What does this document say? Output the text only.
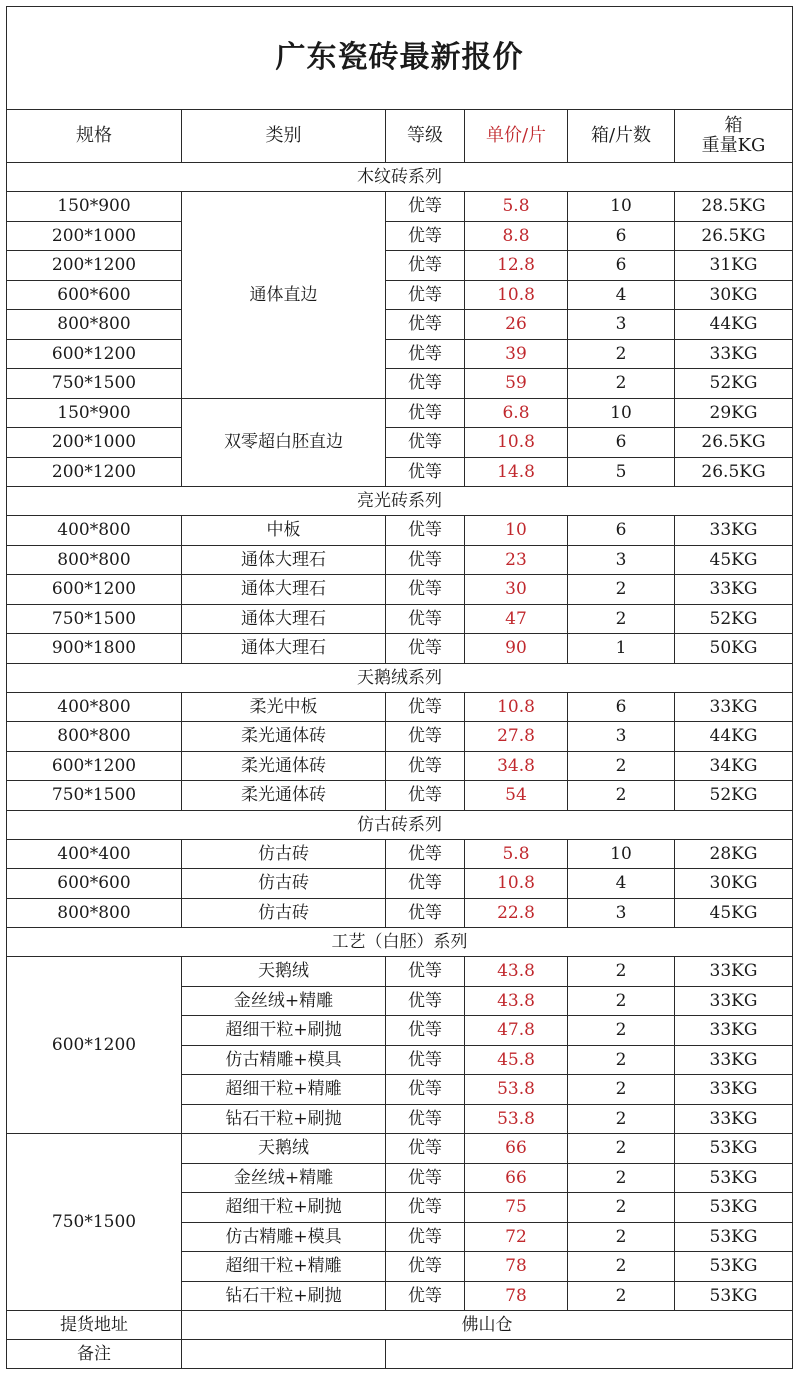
广东瓷砖最新报价					
规格	类别	等级	单价/片	箱/片数	箱
重量KG
木纹砖系列					
150*900	通体直边	优等	5.8	10	28.5KG
200*1000		优等	8.8	6	26.5KG
200*1200		优等	12.8	6	31KG
600*600		优等	10.8	4	30KG
800*800		优等	26	3	44KG
600*1200		优等	39	2	33KG
750*1500		优等	59	2	52KG
150*900	双零超白胚直边	优等	6.8	10	29KG
200*1000		优等	10.8	6	26.5KG
200*1200		优等	14.8	5	26.5KG
亮光砖系列					
400*800	中板	优等	10	6	33KG
800*800	通体大理石	优等	23	3	45KG
600*1200	通体大理石	优等	30	2	33KG
750*1500	通体大理石	优等	47	2	52KG
900*1800	通体大理石	优等	90	1	50KG
天鹅绒系列					
400*800	柔光中板	优等	10.8	6	33KG
800*800	柔光通体砖	优等	27.8	3	44KG
600*1200	柔光通体砖	优等	34.8	2	34KG
750*1500	柔光通体砖	优等	54	2	52KG
仿古砖系列					
400*400	仿古砖	优等	5.8	10	28KG
600*600	仿古砖	优等	10.8	4	30KG
800*800	仿古砖	优等	22.8	3	45KG
工艺（白胚）系列					
600*1200	天鹅绒	优等	43.8	2	33KG
	金丝绒+精雕	优等	43.8	2	33KG
	超细干粒+刷抛	优等	47.8	2	33KG
	仿古精雕+模具	优等	45.8	2	33KG
	超细干粒+精雕	优等	53.8	2	33KG
	钻石干粒+刷抛	优等	53.8	2	33KG
750*1500	天鹅绒	优等	66	2	53KG
	金丝绒+精雕	优等	66	2	53KG
	超细干粒+刷抛	优等	75	2	53KG
	仿古精雕+模具	优等	72	2	53KG
	超细干粒+精雕	优等	78	2	53KG
	钻石干粒+刷抛	优等	78	2	53KG
提货地址	佛山仓				
备注					
